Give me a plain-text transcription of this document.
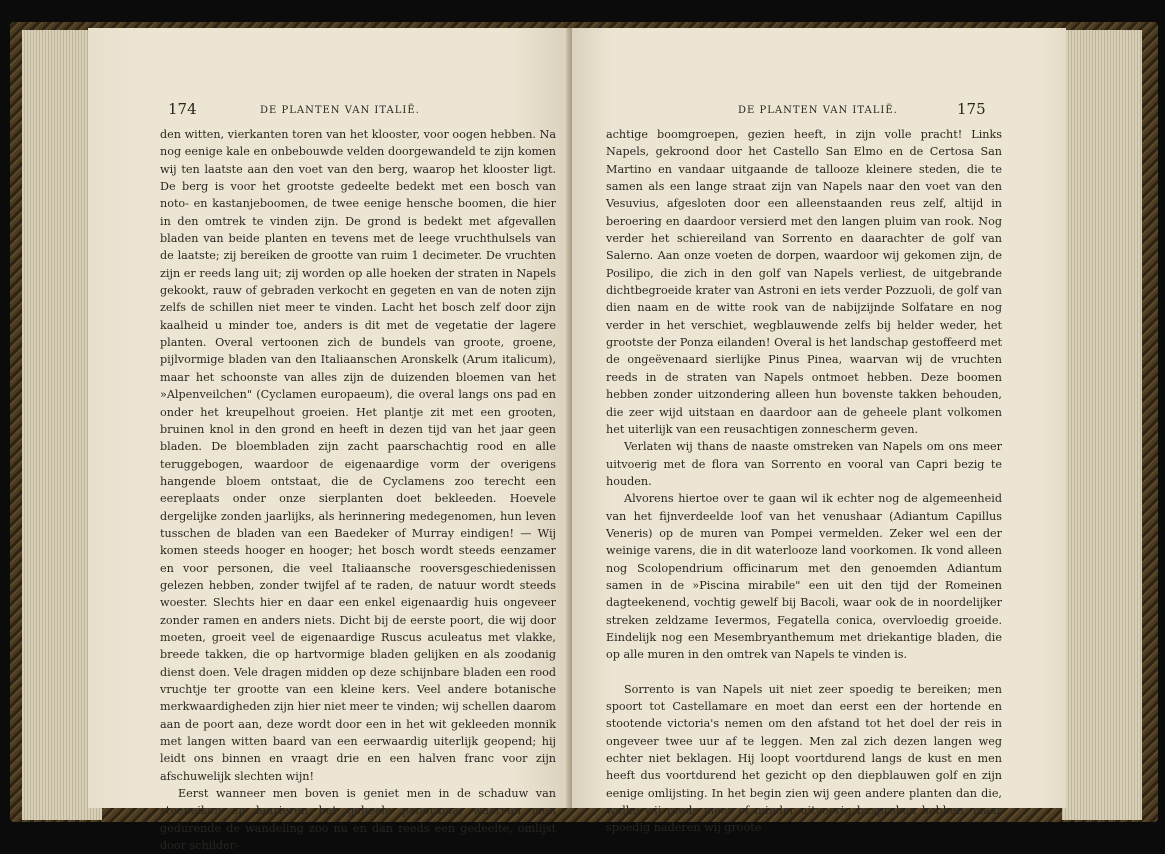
174	DE PLANTEN VAN ITALIË.

den witten, vierkanten toren van het klooster, voor oogen hebben. Na nog eenige kale en onbebouwde velden doorgewandeld te zijn komen wij ten laatste aan den voet van den berg, waarop het klooster ligt. De berg is voor het grootste gedeelte bedekt met een bosch van noto- en kastanjeboomen, de twee eenige hensche boomen, die hier in den omtrek te vinden zijn. De grond is bedekt met afgevallen bladen van beide planten en tevens met de leege vruchthulsels van de laatste; zij bereiken de grootte van ruim 1 decimeter. De vruchten zijn er reeds lang uit; zij worden op alle hoeken der straten in Napels gekookt, rauw of gebraden verkocht en gegeten en van de noten zijn zelfs de schillen niet meer te vinden. Lacht het bosch zelf door zijn kaalheid u minder toe, anders is dit met de vegetatie der lagere planten. Overal vertoonen zich de bundels van groote, groene, pijlvormige bladen van den Italiaanschen Aronskelk (Arum italicum), maar het schoonste van alles zijn de duizenden bloemen van het »Alpenveilchen" (Cyclamen europaeum), die overal langs ons pad en onder het kreupelhout groeien. Het plantje zit met een grooten, bruinen knol in den grond en heeft in dezen tijd van het jaar geen bladen. De bloembladen zijn zacht paarschachtig rood en alle teruggebogen, waardoor de eigenaardige vorm der overigens hangende bloem ontstaat, die de Cyclamens zoo terecht een eereplaats onder onze sierplanten doet bekleeden. Hoevele dergelijke zonden jaarlijks, als herinnering medegenomen, hun leven tusschen de bladen van een Baedeker of Murray eindigen! — Wij komen steeds hooger en hooger; het bosch wordt steeds eenzamer en voor personen, die veel Italiaansche rooversgeschiedenissen gelezen hebben, zonder twijfel af te raden, de natuur wordt steeds woester. Slechts hier en daar een enkel eigenaardig huis ongeveer zonder ramen en anders niets. Dicht bij de eerste poort, die wij door moeten, groeit veel de eigenaardige Ruscus aculeatus met vlakke, breede takken, die op hartvormige bladen gelijken en als zoodanig dienst doen. Vele dragen midden op deze schijnbare bladen een rood vruchtje ter grootte van een kleine kers. Veel andere botanische merkwaardigheden zijn hier niet meer te vinden; wij schellen daarom aan de poort aan, deze wordt door een in het wit gekleeden monnik met langen witten baard van een eerwaardig uiterlijk geopend; hij leidt ons binnen en vraagt drie en een halven franc voor zijn afschuwelijk slechten wijn!

Eerst wanneer men boven is geniet men in de schaduw van steeneiken en laurieren het geheele panorama, waarvan men gedurende de wandeling zoo nu en dan reeds een gedeelte, omlijst door schilder-

DE PLANTEN VAN ITALIË.	175

achtige boomgroepen, gezien heeft, in zijn volle pracht! Links Napels, gekroond door het Castello San Elmo en de Certosa San Martino en vandaar uitgaande de tallooze kleinere steden, die te samen als een lange straat zijn van Napels naar den voet van den Vesuvius, afgesloten door een alleenstaanden reus zelf, altijd in beroering en daardoor versierd met den langen pluim van rook. Nog verder het schiereiland van Sorrento en daarachter de golf van Salerno. Aan onze voeten de dorpen, waardoor wij gekomen zijn, de Posilipo, die zich in den golf van Napels verliest, de uitgebrande dichtbegroeide krater van Astroni en iets verder Pozzuoli, de golf van dien naam en de witte rook van de nabijzijnde Solfatare en nog verder in het verschiet, wegblauwende zelfs bij helder weder, het grootste der Ponza eilanden! Overal is het landschap gestoffeerd met de ongeëvenaard sierlijke Pinus Pinea, waarvan wij de vruchten reeds in de straten van Napels ontmoet hebben. Deze boomen hebben zonder uitzondering alleen hun bovenste takken behouden, die zeer wijd uitstaan en daardoor aan de geheele plant volkomen het uiterlijk van een reusachtigen zonnescherm geven.

Verlaten wij thans de naaste omstreken van Napels om ons meer uitvoerig met de flora van Sorrento en vooral van Capri bezig te houden.

Alvorens hiertoe over te gaan wil ik echter nog de algemeenheid van het fijnverdeelde loof van het venushaar (Adiantum Capillus Veneris) op de muren van Pompei vermelden. Zeker wel een der weinige varens, die in dit waterlooze land voorkomen. Ik vond alleen nog Scolopendrium officinarum met den genoemden Adiantum samen in de »Piscina mirabile" een uit den tijd der Romeinen dagteekenend, vochtig gewelf bij Bacoli, waar ook de in noordelijker streken zeldzame Ievermos, Fegatella conica, overvloedig groeide. Eindelijk nog een Mesembryanthemum met driekantige bladen, die op alle muren in den omtrek van Napels te vinden is.

Sorrento is van Napels uit niet zeer spoedig te bereiken; men spoort tot Castellamare en moet dan eerst een der hortende en stootende victoria's nemen om den afstand tot het doel der reis in ongeveer twee uur af te leggen. Men zal zich dezen langen weg echter niet beklagen. Hij loopt voortdurend langs de kust en men heeft dus voortdurend het gezicht op den diepblauwen golf en zijn eenige omlijsting. In het begin zien wij geen andere planten dan die, welke wij reeds meer of minder uitvoerig besproken hebben, maar spoedig naderen wij groote
